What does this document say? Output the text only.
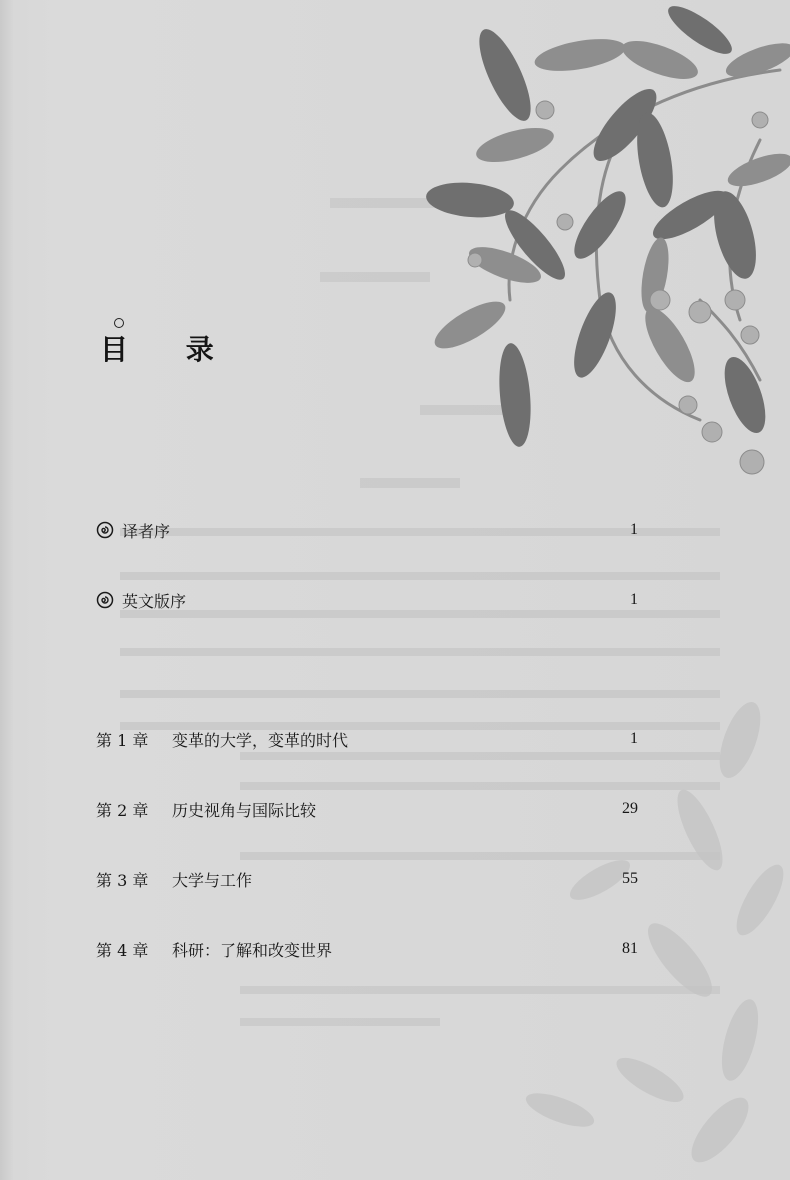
目 录
译者序	1
英文版序	1
第 1 章	变革的大学，变革的时代	1
第 2 章	历史视角与国际比较	29
第 3 章	大学与工作	55
第 4 章	科研：了解和改变世界	81
